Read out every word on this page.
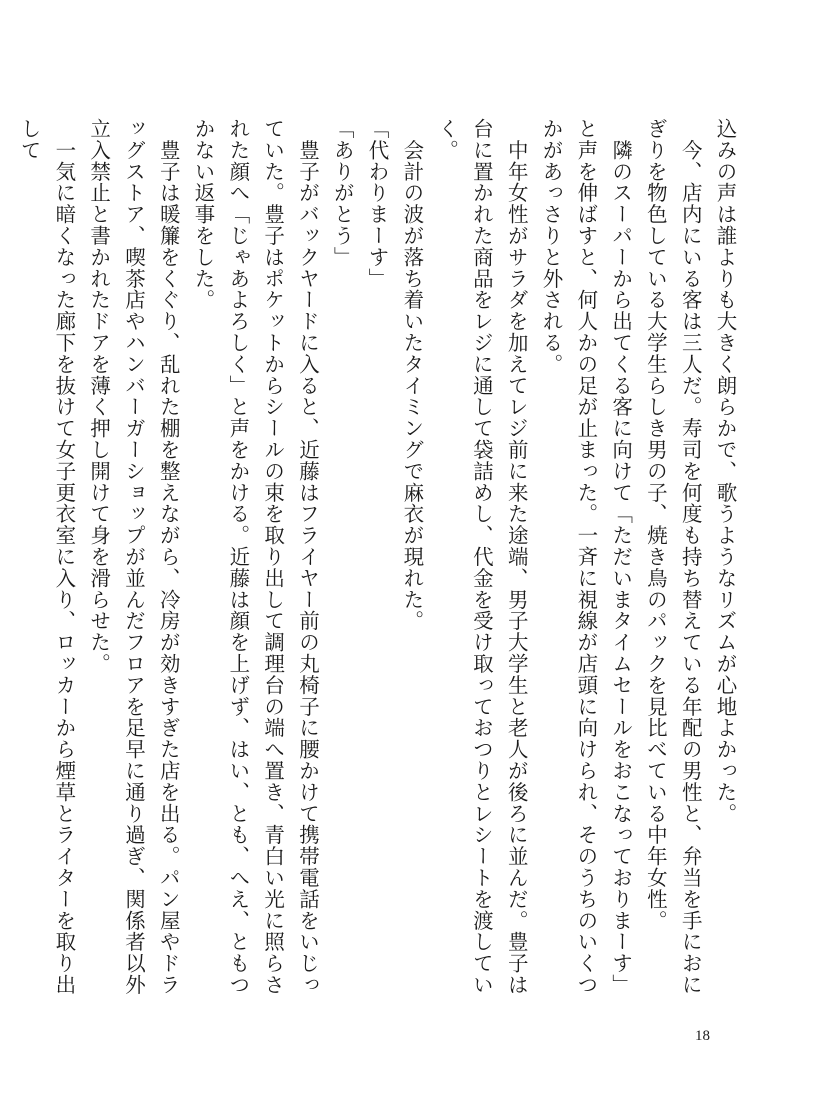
込みの声は誰よりも大きく朗らかで、歌うようなリズムが心地よかった。

　今、店内にいる客は三人だ。寿司を何度も持ち替えている年配の男性と、弁当を手におにぎりを物色している大学生らしき男の子、焼き鳥のパックを見比べている中年女性。

　隣のスーパーから出てくる客に向けて「ただいまタイムセールをおこなっておりまーす」と声を伸ばすと、何人かの足が止まった。一斉に視線が店頭に向けられ、そのうちのいくつかがあっさりと外される。

　中年女性がサラダを加えてレジ前に来た途端、男子大学生と老人が後ろに並んだ。豊子は台に置かれた商品をレジに通して袋詰めし、代金を受け取っておつりとレシートを渡していく。

　会計の波が落ち着いたタイミングで麻衣が現れた。

「代わりまーす」

「ありがとう」

　豊子がバックヤードに入ると、近藤はフライヤー前の丸椅子に腰かけて携帯電話をいじっていた。豊子はポケットからシールの束を取り出して調理台の端へ置き、青白い光に照らされた顔へ「じゃあよろしく」と声をかける。近藤は顔を上げず、はい、とも、へえ、ともつかない返事をした。

　豊子は暖簾をくぐり、乱れた棚を整えながら、冷房が効きすぎた店を出る。パン屋やドラッグストア、喫茶店やハンバーガーショップが並んだフロアを足早に通り過ぎ、関係者以外立入禁止と書かれたドアを薄く押し開けて身を滑らせた。

　一気に暗くなった廊下を抜けて女子更衣室に入り、ロッカーから煙草とライターを取り出して

18
